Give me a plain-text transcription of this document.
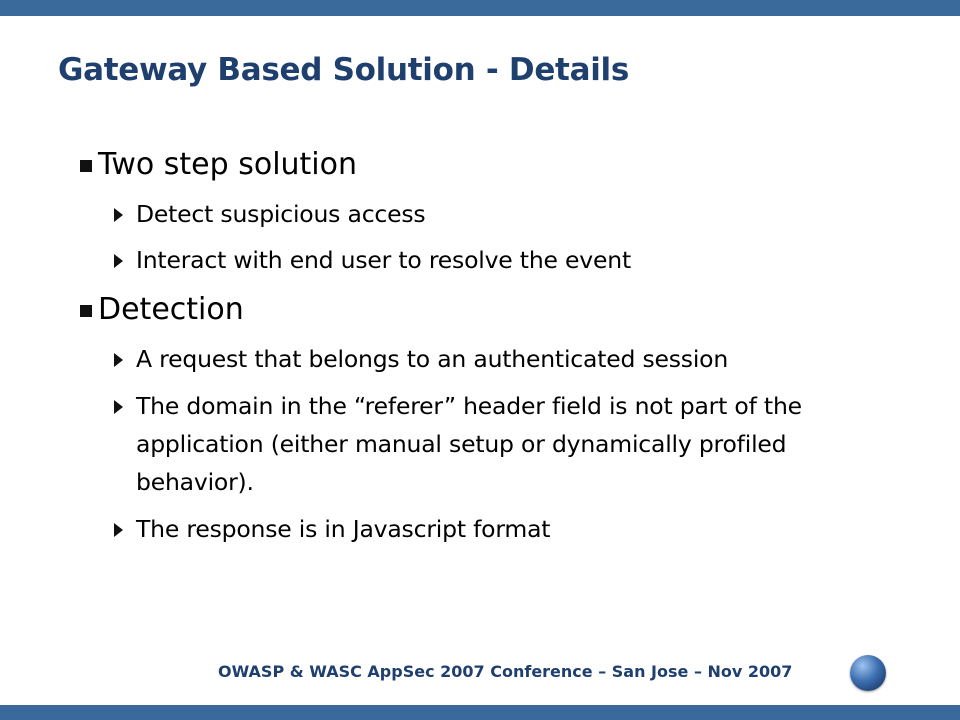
Gateway Based Solution - Details
Two step solution
Detect suspicious access
Interact with end user to resolve the event
Detection
A request that belongs to an authenticated session
The domain in the “referer” header field is not part of the application (either manual setup or dynamically profiled behavior).
The response is in Javascript format
OWASP & WASC AppSec 2007 Conference – San Jose – Nov 2007
